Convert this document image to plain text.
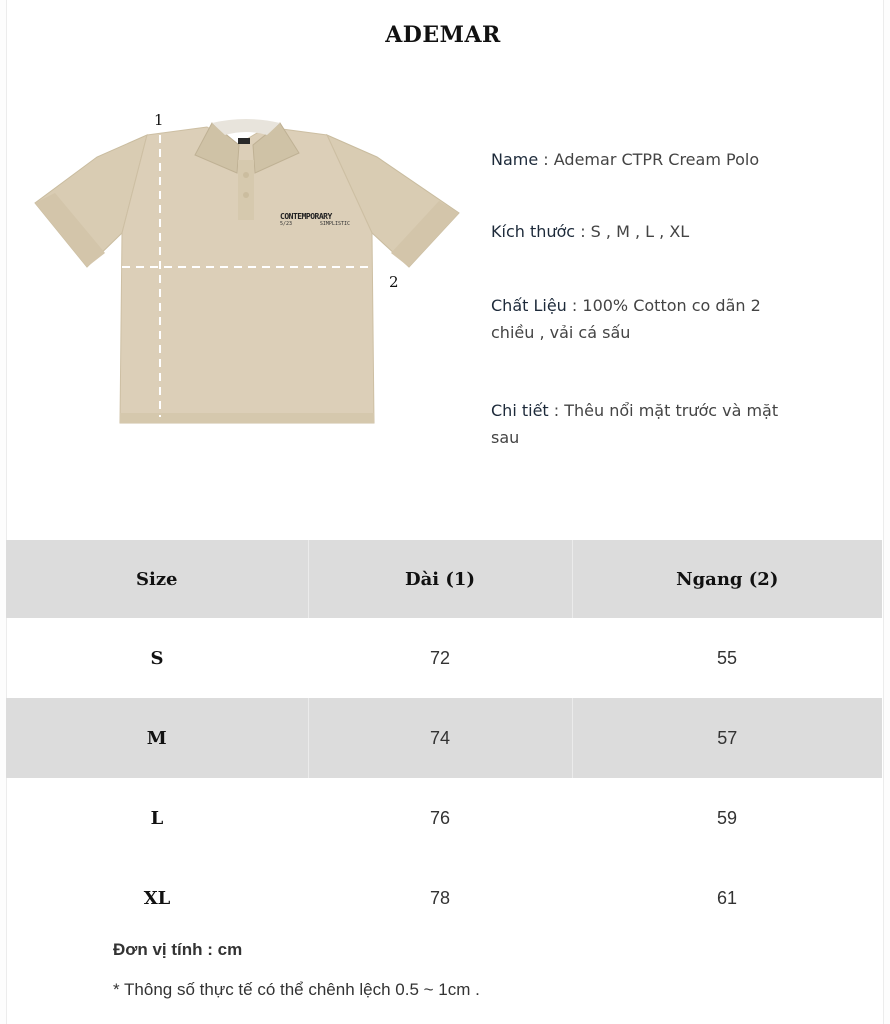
ADEMAR
1
2
CONTEMPORARY
5/23	SIMPLISTIC
Name : Ademar CTPR Cream Polo
Kích thước : S , M , L , XL
Chất Liệu : 100% Cotton co dãn 2 chiều , vải cá sấu
Chi tiết : Thêu nổi mặt trước và mặt sau
Size	Dài (1)	Ngang (2)
S	72	55
M	74	57
L	76	59
XL	78	61
Đơn vị tính : cm
* Thông số thực tế có thể chênh lệch 0.5 ~ 1cm .
